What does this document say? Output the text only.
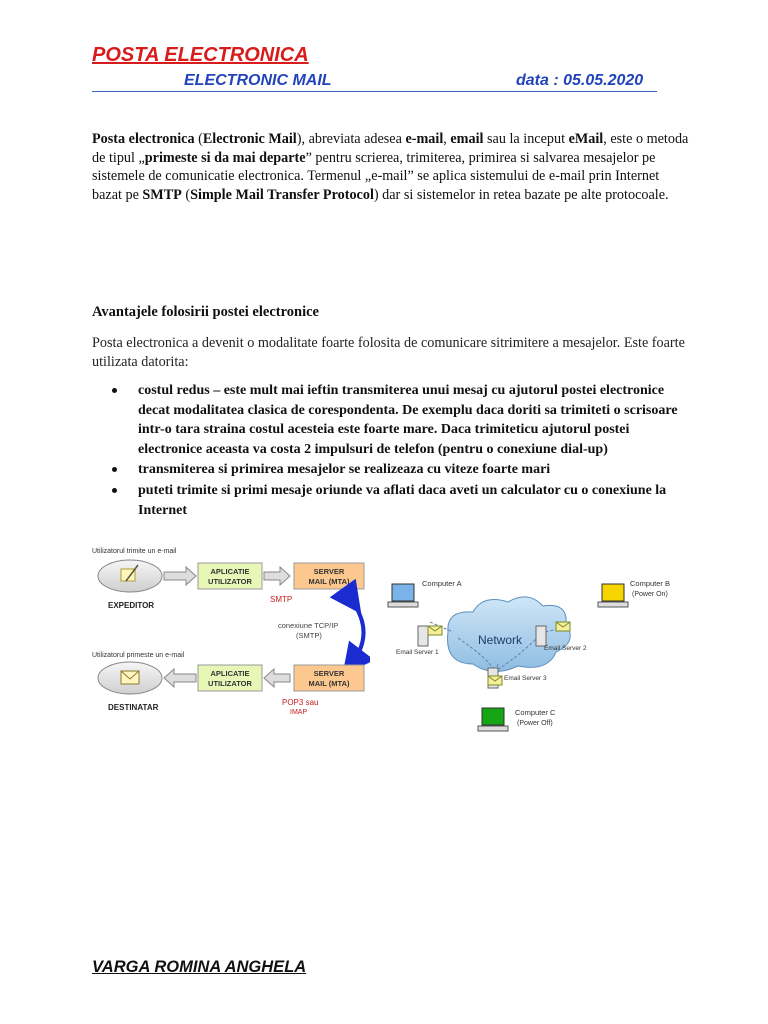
POSTA ELECTRONICA
ELECTRONIC MAIL	data : 05.05.2020

Posta electronica (Electronic Mail), abreviata adesea e-mail, email sau la inceput eMail, este o metoda de tipul „primeste si da mai departe” pentru scrierea, trimiterea, primirea si salvarea mesajelor pe sistemele de comunicatie electronica. Termenul „e-mail” se aplica sistemului de e-mail prin Internet bazat pe SMTP (Simple Mail Transfer Protocol) dar si sistemelor in retea bazate pe alte protocoale.

Avantajele folosirii postei electronice

Posta electronica a devenit o modalitate foarte folosita de comunicare sitrimitere a mesajelor. Este foarte utilizata datorita:

costul redus – este mult mai ieftin transmiterea unui mesaj cu ajutorul postei electronice decat modalitatea clasica de corespondenta. De exemplu daca doriti sa trimiteti o scrisoare intr-o tara straina costul acesteia este foarte mare. Daca trimiteticu ajutorul postei electronice aceasta va costa 2 impulsuri de telefon (pentru o conexiune dial-up)
transmiterea si primirea mesajelor se realizeaza cu viteze foarte mari
puteti trimite si primi mesaje oriunde va aflati daca aveti un calculator cu o conexiune la Internet
Utilizatorul trimite un e-mail
EXPEDITOR
APLICATIE
UTILIZATOR
SERVER
MAIL (MTA)
SMTP
conexiune TCP/IP
(SMTP)
Utilizatorul primeste un e-mail
DESTINATAR
APLICATIE
UTILIZATOR
SERVER
MAIL (MTA)
POP3 sau
IMAP
Network
Computer A	Computer B
(Power On)
Computer C
(Power Off)
Email Server 1
Email Server 2
Email Server 3
VARGA ROMINA ANGHELA
